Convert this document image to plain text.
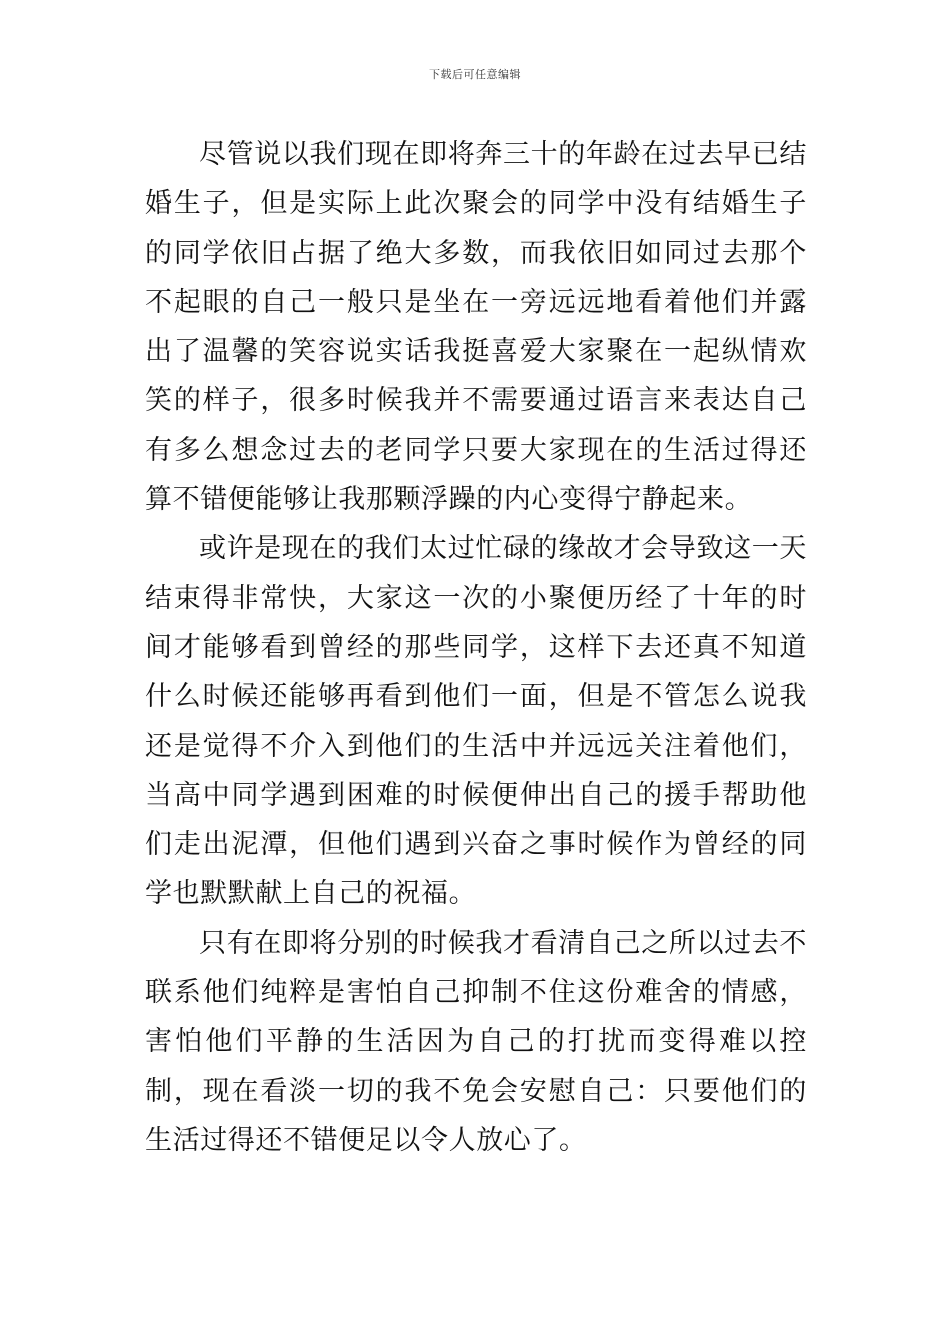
下载后可任意编辑

尽管说以我们现在即将奔三十的年龄在过去早已结婚生子，但是实际上此次聚会的同学中没有结婚生子的同学依旧占据了绝大多数，而我依旧如同过去那个不起眼的自己一般只是坐在一旁远远地看着他们并露出了温馨的笑容说实话我挺喜爱大家聚在一起纵情欢笑的样子，很多时候我并不需要通过语言来表达自己有多么想念过去的老同学只要大家现在的生活过得还算不错便能够让我那颗浮躁的内心变得宁静起来。

或许是现在的我们太过忙碌的缘故才会导致这一天结束得非常快，大家这一次的小聚便历经了十年的时间才能够看到曾经的那些同学，这样下去还真不知道什么时候还能够再看到他们一面，但是不管怎么说我还是觉得不介入到他们的生活中并远远关注着他们，当高中同学遇到困难的时候便伸出自己的援手帮助他们走出泥潭，但他们遇到兴奋之事时候作为曾经的同学也默默献上自己的祝福。

只有在即将分别的时候我才看清自己之所以过去不联系他们纯粹是害怕自己抑制不住这份难舍的情感，害怕他们平静的生活因为自己的打扰而变得难以控制，现在看淡一切的我不免会安慰自己：只要他们的生活过得还不错便足以令人放心了。
